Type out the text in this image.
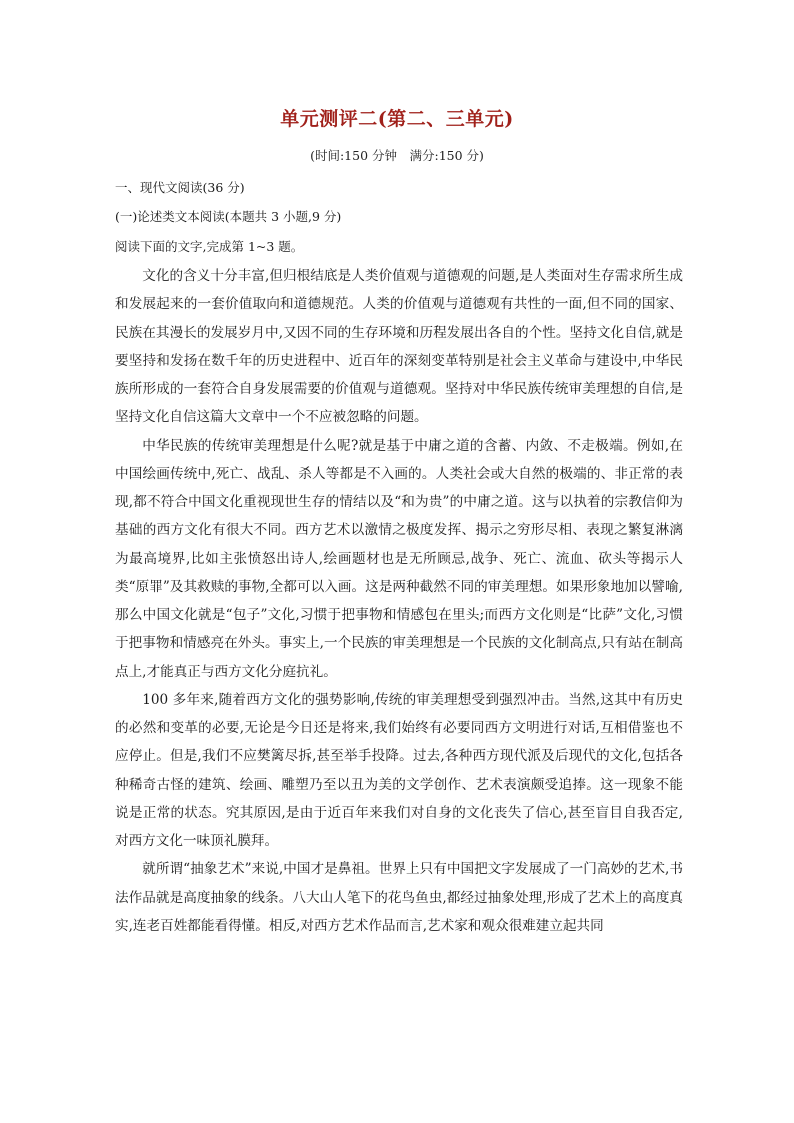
单元测评二(第二、三单元)
(时间:150 分钟　满分:150 分)
一、现代文阅读(36 分)
(一)论述类文本阅读(本题共 3 小题,9 分)
阅读下面的文字,完成第 1~3 题。

文化的含义十分丰富,但归根结底是人类价值观与道德观的问题,是人类面对生存需求所生成和发展起来的一套价值取向和道德规范。人类的价值观与道德观有共性的一面,但不同的国家、民族在其漫长的发展岁月中,又因不同的生存环境和历程发展出各自的个性。坚持文化自信,就是要坚持和发扬在数千年的历史进程中、近百年的深刻变革特别是社会主义革命与建设中,中华民族所形成的一套符合自身发展需要的价值观与道德观。坚持对中华民族传统审美理想的自信,是坚持文化自信这篇大文章中一个不应被忽略的问题。

中华民族的传统审美理想是什么呢?就是基于中庸之道的含蓄、内敛、不走极端。例如,在中国绘画传统中,死亡、战乱、杀人等都是不入画的。人类社会或大自然的极端的、非正常的表现,都不符合中国文化重视现世生存的情结以及“和为贵”的中庸之道。这与以执着的宗教信仰为基础的西方文化有很大不同。西方艺术以激情之极度发挥、揭示之穷形尽相、表现之繁复淋漓为最高境界,比如主张愤怒出诗人,绘画题材也是无所顾忌,战争、死亡、流血、砍头等揭示人类“原罪”及其救赎的事物,全都可以入画。这是两种截然不同的审美理想。如果形象地加以譬喻,那么中国文化就是“包子”文化,习惯于把事物和情感包在里头;而西方文化则是“比萨”文化,习惯于把事物和情感亮在外头。事实上,一个民族的审美理想是一个民族的文化制高点,只有站在制高点上,才能真正与西方文化分庭抗礼。

100 多年来,随着西方文化的强势影响,传统的审美理想受到强烈冲击。当然,这其中有历史的必然和变革的必要,无论是今日还是将来,我们始终有必要同西方文明进行对话,互相借鉴也不应停止。但是,我们不应樊篱尽拆,甚至举手投降。过去,各种西方现代派及后现代的文化,包括各种稀奇古怪的建筑、绘画、雕塑乃至以丑为美的文学创作、艺术表演颇受追捧。这一现象不能说是正常的状态。究其原因,是由于近百年来我们对自身的文化丧失了信心,甚至盲目自我否定,对西方文化一味顶礼膜拜。

就所谓“抽象艺术”来说,中国才是鼻祖。世界上只有中国把文字发展成了一门高妙的艺术,书法作品就是高度抽象的线条。八大山人笔下的花鸟鱼虫,都经过抽象处理,形成了艺术上的高度真实,连老百姓都能看得懂。相反,对西方艺术作品而言,艺术家和观众很难建立起共同
